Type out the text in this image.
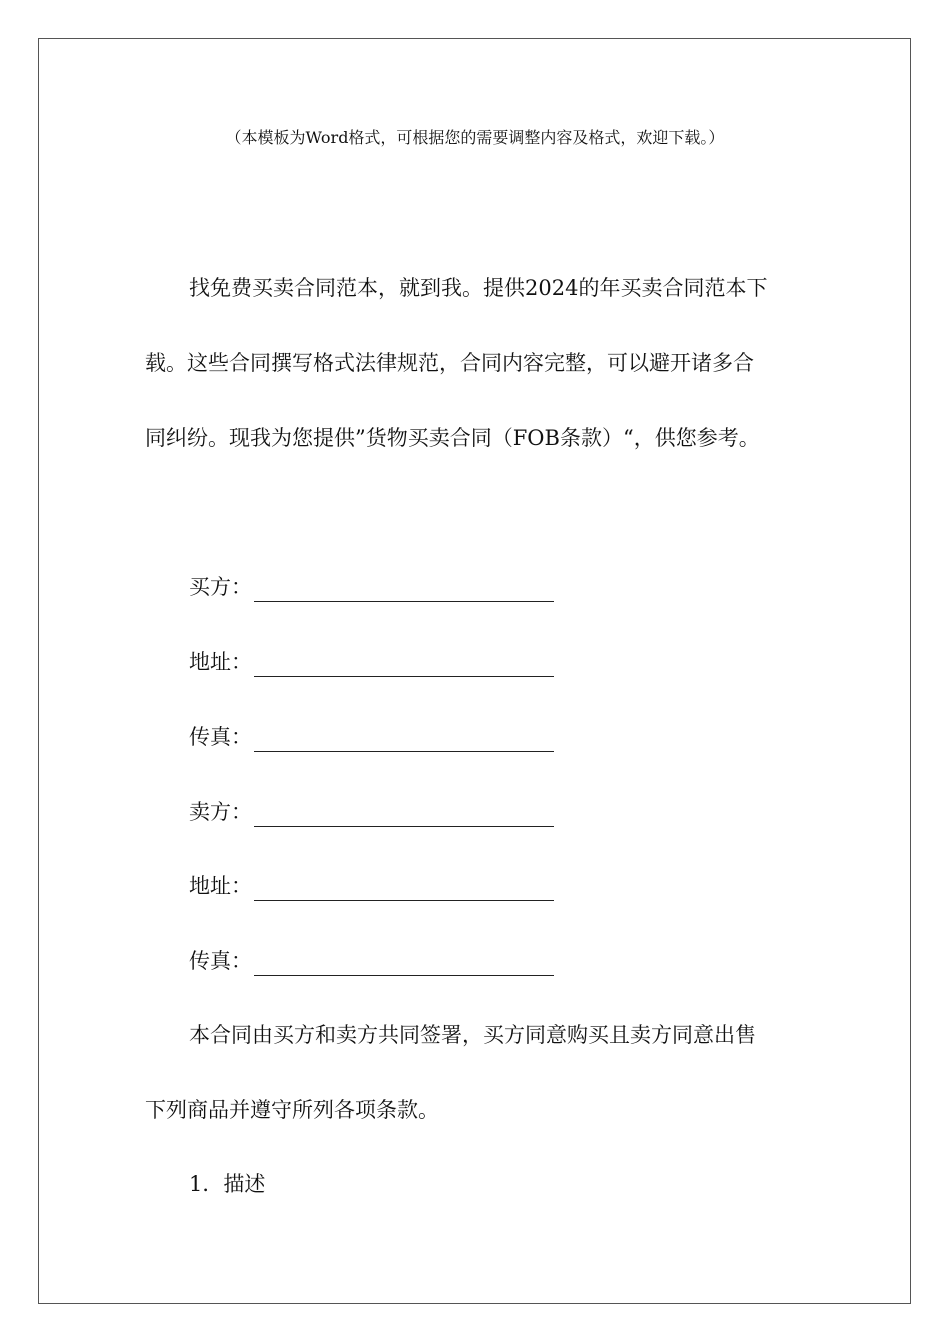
（本模板为Word格式，可根据您的需要调整内容及格式，欢迎下载。）
找免费买卖合同范本，就到我。提供2024的年买卖合同范本下
载。这些合同撰写格式法律规范，合同内容完整，可以避开诸多合
同纠纷。现我为您提供”货物买卖合同（FOB条款）“，供您参考。
买方：
地址：
传真：
卖方：
地址：
传真：
本合同由买方和卖方共同签署，买方同意购买且卖方同意出售
下列商品并遵守所列各项条款。
1．描述
